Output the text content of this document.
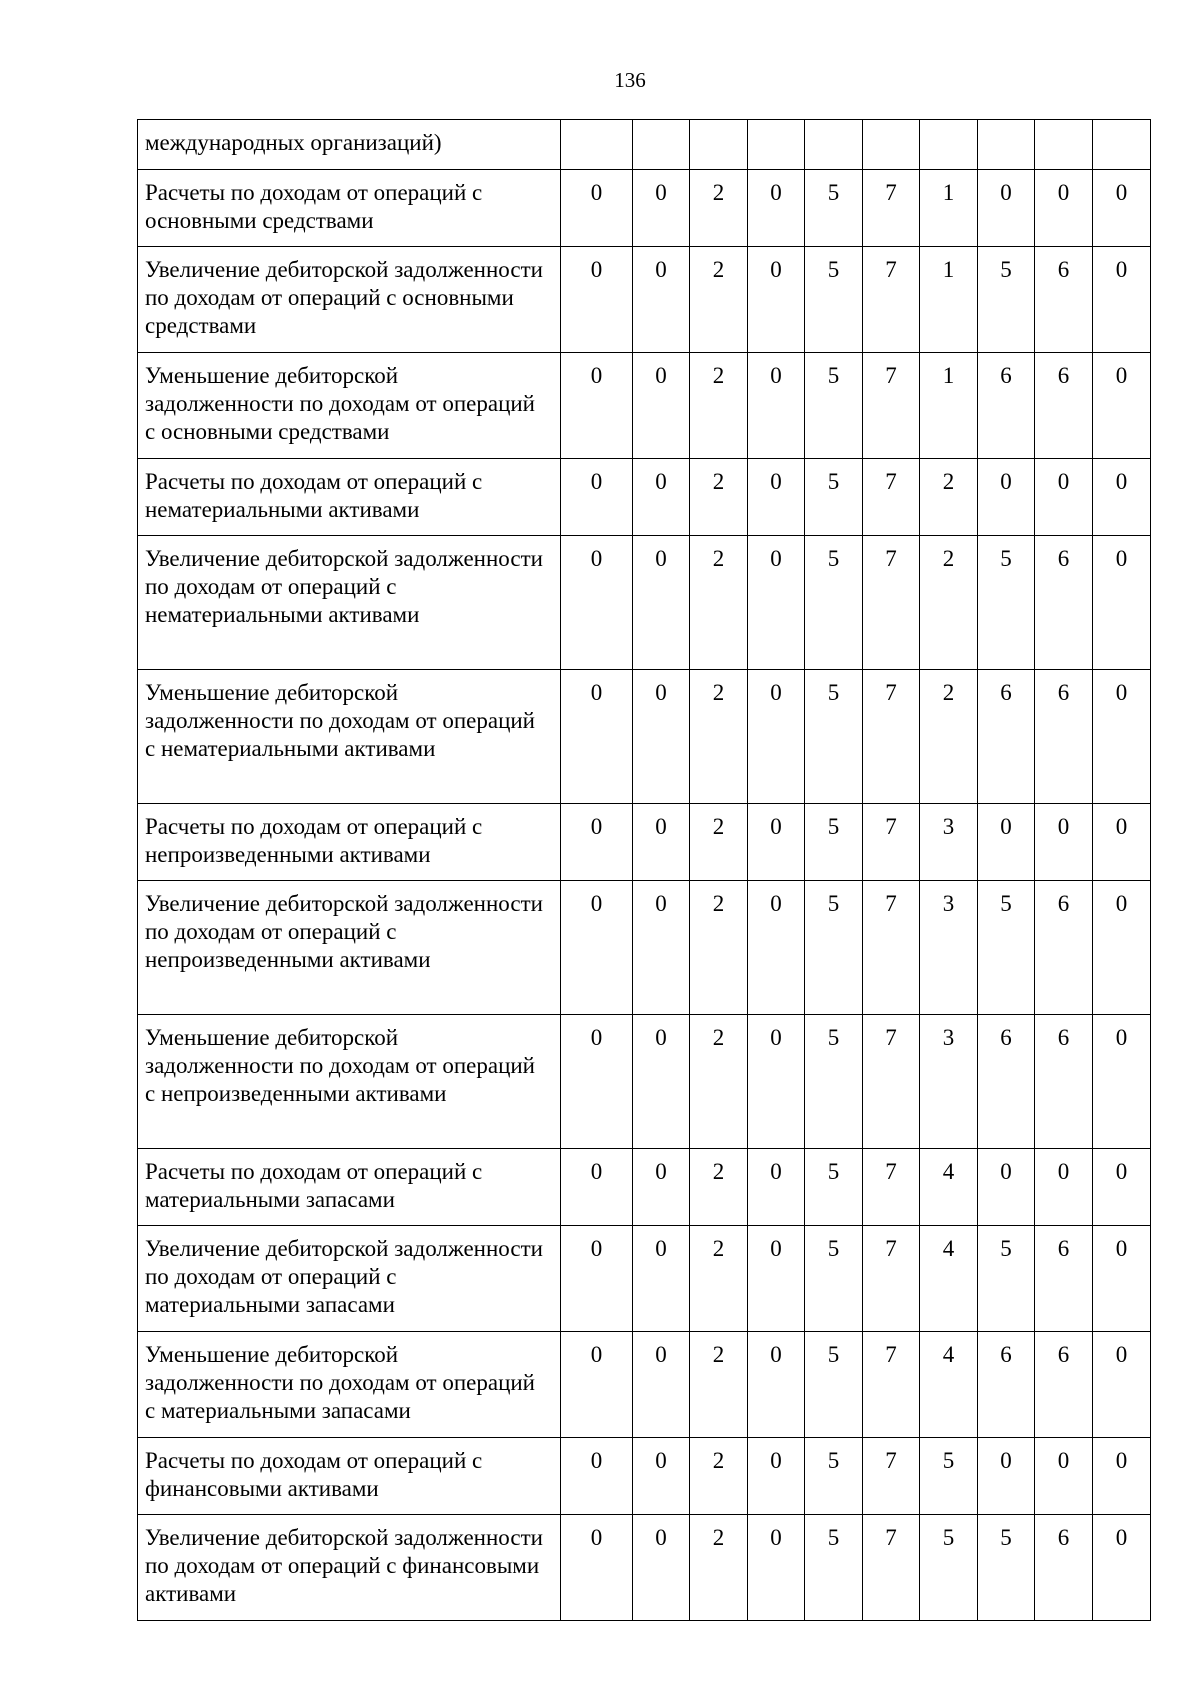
136
международных организаций)										
Расчеты по доходам от операций с основными средствами	0	0	2	0	5	7	1	0	0	0
Увеличение дебиторской задолженности по доходам от операций с основными средствами	0	0	2	0	5	7	1	5	6	0
Уменьшение дебиторской задолженности по доходам от операций с основными средствами	0	0	2	0	5	7	1	6	6	0
Расчеты по доходам от операций с нематериальными активами	0	0	2	0	5	7	2	0	0	0
Увеличение дебиторской задолженности по доходам от операций с нематериальными активами	0	0	2	0	5	7	2	5	6	0
Уменьшение дебиторской задолженности по доходам от операций с нематериальными активами	0	0	2	0	5	7	2	6	6	0
Расчеты по доходам от операций с непроизведенными активами	0	0	2	0	5	7	3	0	0	0
Увеличение дебиторской задолженности по доходам от операций с непроизведенными активами	0	0	2	0	5	7	3	5	6	0
Уменьшение дебиторской задолженности по доходам от операций с непроизведенными активами	0	0	2	0	5	7	3	6	6	0
Расчеты по доходам от операций с материальными запасами	0	0	2	0	5	7	4	0	0	0
Увеличение дебиторской задолженности по доходам от операций с материальными запасами	0	0	2	0	5	7	4	5	6	0
Уменьшение дебиторской задолженности по доходам от операций с материальными запасами	0	0	2	0	5	7	4	6	6	0
Расчеты по доходам от операций с финансовыми активами	0	0	2	0	5	7	5	0	0	0
Увеличение дебиторской задолженности по доходам от операций с финансовыми активами	0	0	2	0	5	7	5	5	6	0
